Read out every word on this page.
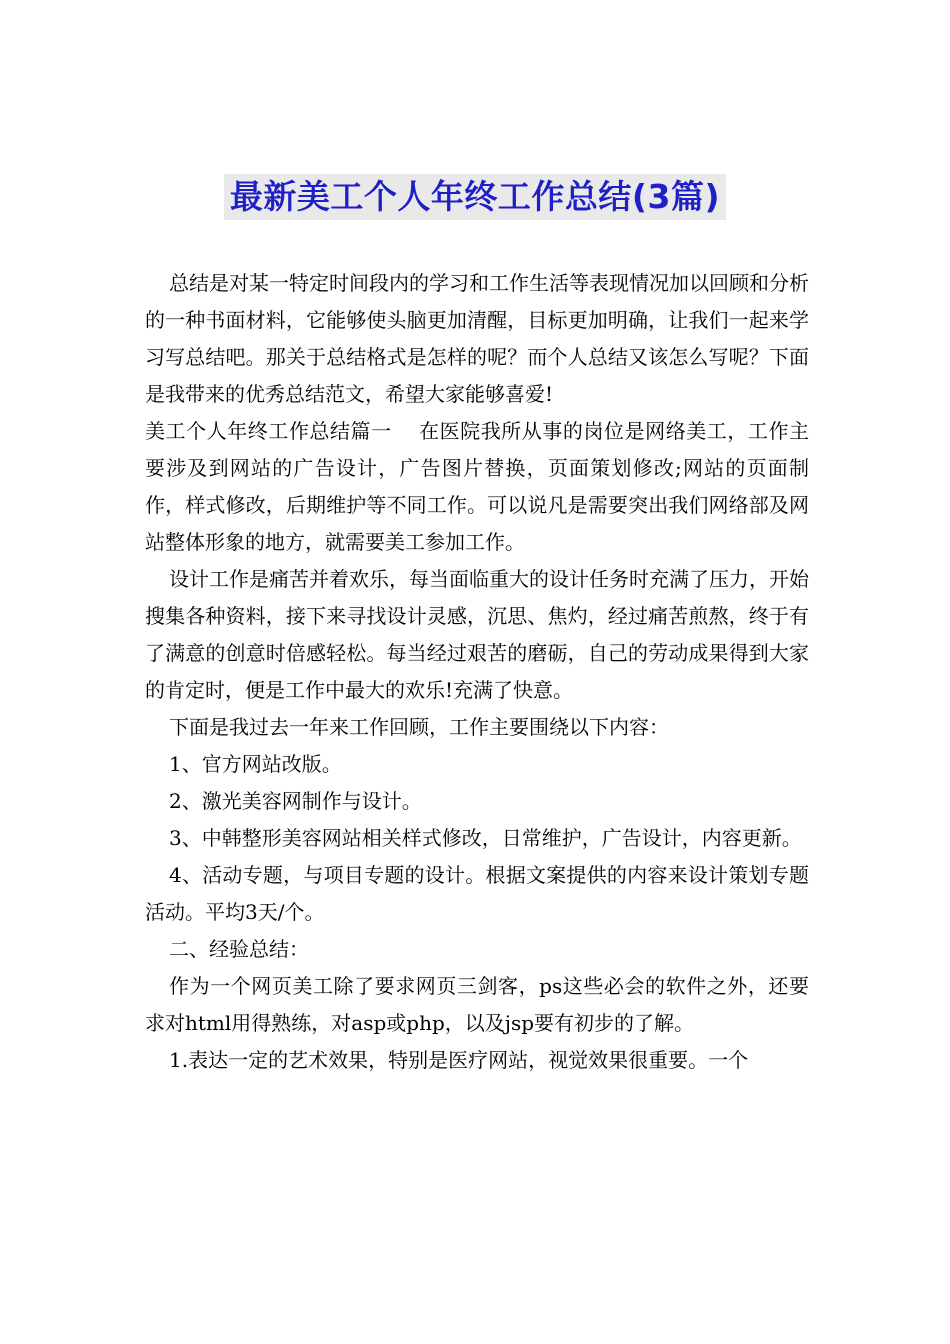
最新美工个人年终工作总结(3篇)

总结是对某一特定时间段内的学习和工作生活等表现情况加以回顾和分析的一种书面材料，它能够使头脑更加清醒，目标更加明确，让我们一起来学习写总结吧。那关于总结格式是怎样的呢？而个人总结又该怎么写呢？下面是我带来的优秀总结范文，希望大家能够喜爱!

美工个人年终工作总结篇一　 在医院我所从事的岗位是网络美工，工作主要涉及到网站的广告设计，广告图片替换，页面策划修改;网站的页面制作，样式修改，后期维护等不同工作。可以说凡是需要突出我们网络部及网站整体形象的地方，就需要美工参加工作。

设计工作是痛苦并着欢乐，每当面临重大的设计任务时充满了压力，开始搜集各种资料，接下来寻找设计灵感，沉思、焦灼，经过痛苦煎熬，终于有了满意的创意时倍感轻松。每当经过艰苦的磨砺，自己的劳动成果得到大家的肯定时，便是工作中最大的欢乐!充满了快意。

下面是我过去一年来工作回顾，工作主要围绕以下内容：

1、官方网站改版。

2、激光美容网制作与设计。

3、中韩整形美容网站相关样式修改，日常维护，广告设计，内容更新。

4、活动专题，与项目专题的设计。根据文案提供的内容来设计策划专题活动。平均3天/个。

二、经验总结：

作为一个网页美工除了要求网页三剑客，ps这些必会的软件之外，还要求对html用得熟练，对asp或php，以及jsp要有初步的了解。

1.表达一定的艺术效果，特别是医疗网站，视觉效果很重要。一个
